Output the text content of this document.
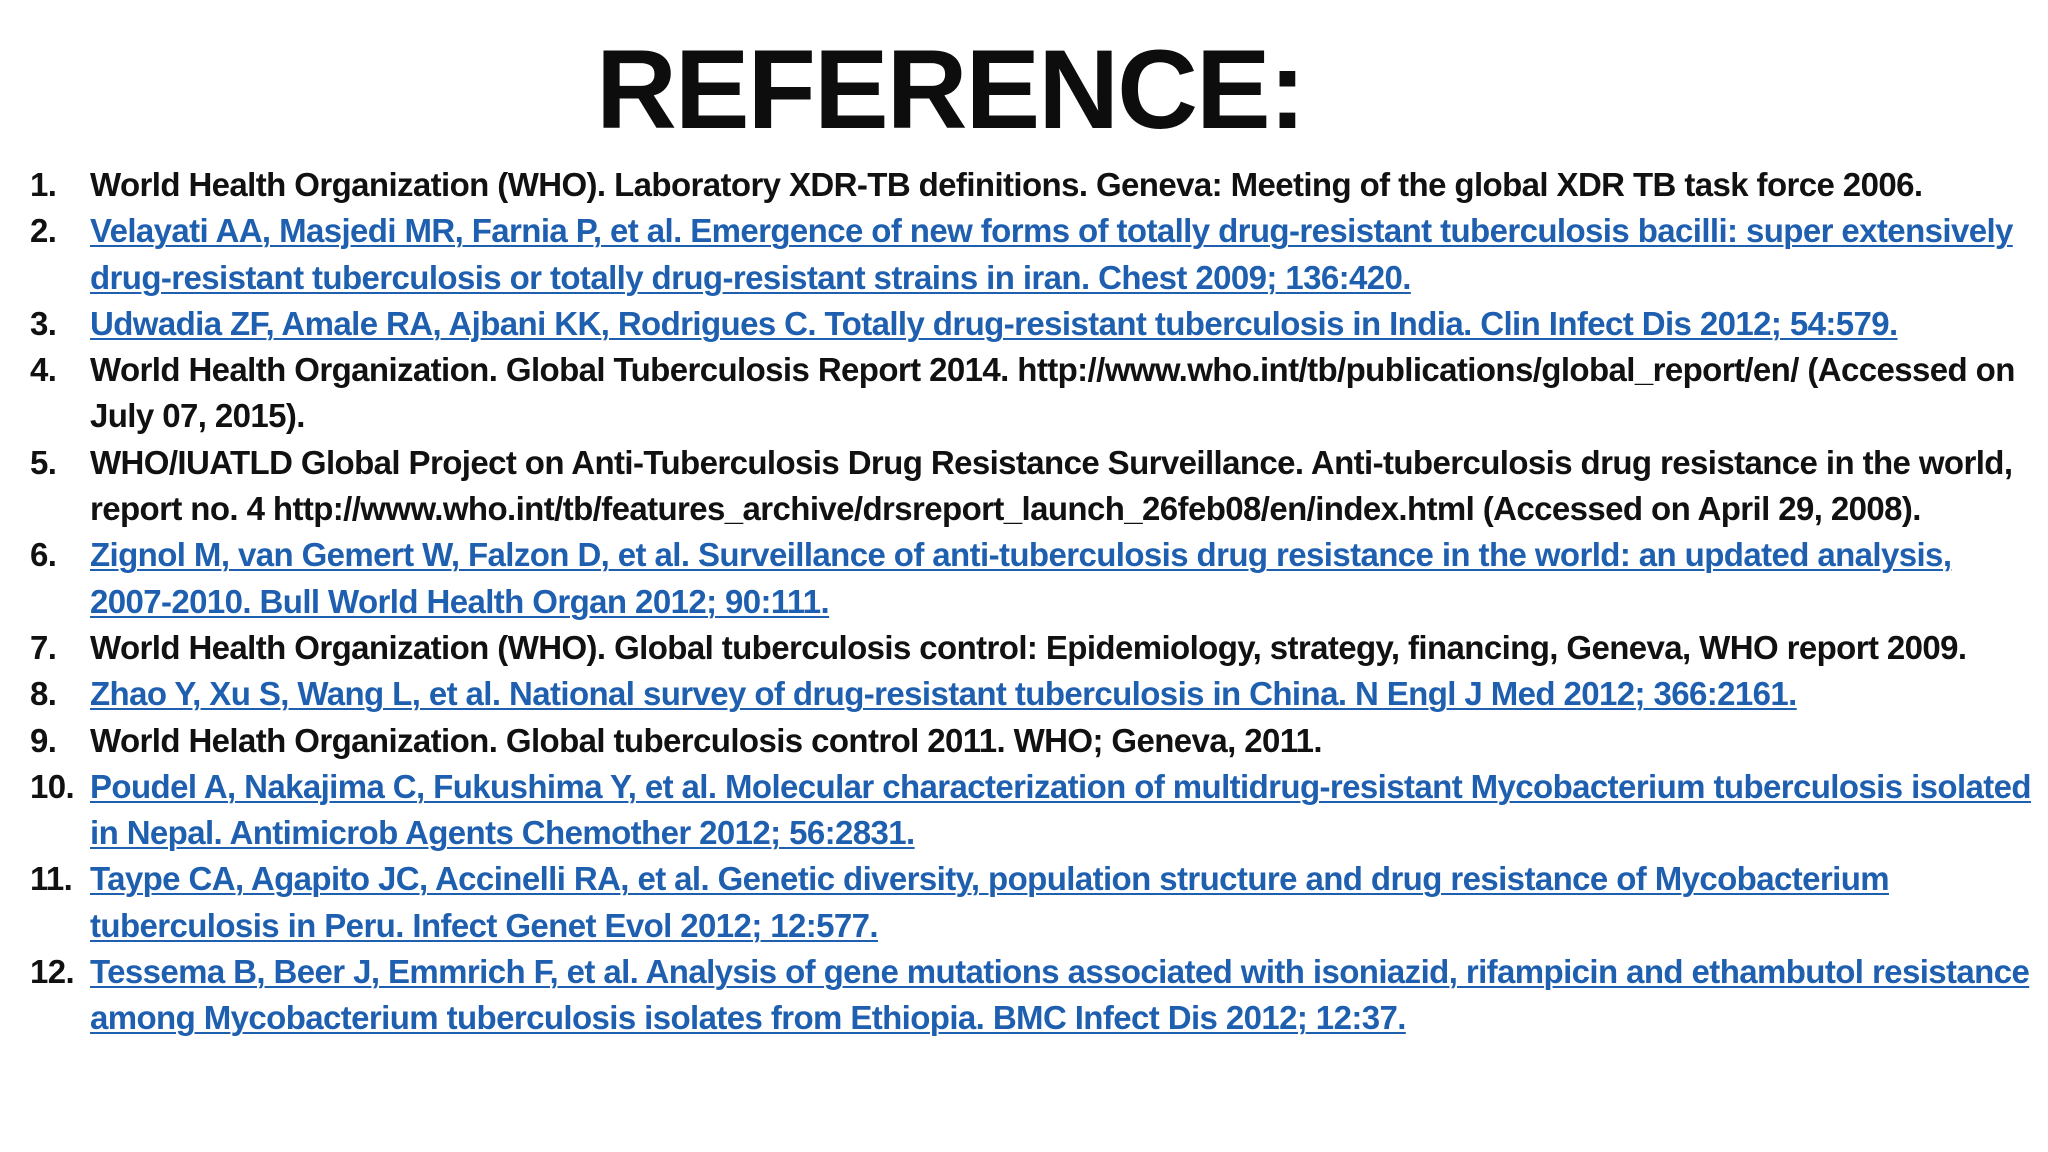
REFERENCE:
1.	World Health Organization (WHO). Laboratory XDR-TB definitions. Geneva: Meeting of the global XDR TB task force 2006.
2.	Velayati AA, Masjedi MR, Farnia P, et al. Emergence of new forms of totally drug-resistant tuberculosis bacilli: super extensively drug-resistant tuberculosis or totally drug-resistant strains in iran. Chest 2009; 136:420.
3.	Udwadia ZF, Amale RA, Ajbani KK, Rodrigues C. Totally drug-resistant tuberculosis in India. Clin Infect Dis 2012; 54:579.
4.	World Health Organization. Global Tuberculosis Report 2014. http://www.who.int/tb/publications/global_report/en/ (Accessed on July 07, 2015).
5.	WHO/IUATLD Global Project on Anti-Tuberculosis Drug Resistance Surveillance. Anti-tuberculosis drug resistance in the world, report no. 4 http://www.who.int/tb/features_archive/drsreport_launch_26feb08/en/index.html (Accessed on April 29, 2008).
6.	Zignol M, van Gemert W, Falzon D, et al. Surveillance of anti-tuberculosis drug resistance in the world: an updated analysis, 2007-2010. Bull World Health Organ 2012; 90:111.
7.	World Health Organization (WHO). Global tuberculosis control: Epidemiology, strategy, financing, Geneva, WHO report 2009.
8.	Zhao Y, Xu S, Wang L, et al. National survey of drug-resistant tuberculosis in China. N Engl J Med 2012; 366:2161.
9.	World Helath Organization. Global tuberculosis control 2011. WHO; Geneva, 2011.
10. Poudel A, Nakajima C, Fukushima Y, et al. Molecular characterization of multidrug-resistant Mycobacterium tuberculosis isolated in Nepal. Antimicrob Agents Chemother 2012; 56:2831.
11. Taype CA, Agapito JC, Accinelli RA, et al. Genetic diversity, population structure and drug resistance of Mycobacterium tuberculosis in Peru. Infect Genet Evol 2012; 12:577.
12. Tessema B, Beer J, Emmrich F, et al. Analysis of gene mutations associated with isoniazid, rifampicin and ethambutol resistance among Mycobacterium tuberculosis isolates from Ethiopia. BMC Infect Dis 2012; 12:37.
